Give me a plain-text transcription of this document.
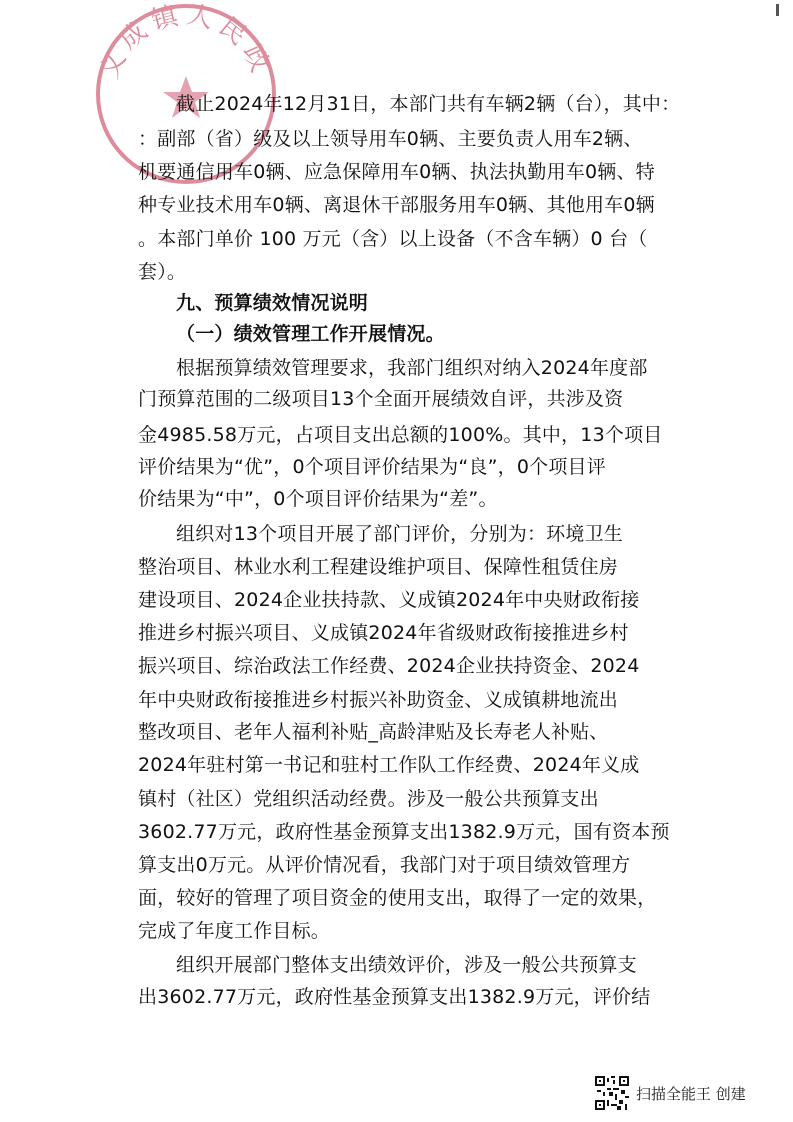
义成镇人民政
截止2024年12月31日，本部门共有车辆2辆（台），其中：
：副部（省）级及以上领导用车0辆、主要负责人用车2辆、
机要通信用车0辆、应急保障用车0辆、执法执勤用车0辆、特
种专业技术用车0辆、离退休干部服务用车0辆、其他用车0辆
。本部门单价 100 万元（含）以上设备（不含车辆）0 台（
套）。
九、预算绩效情况说明
（一）绩效管理工作开展情况。
根据预算绩效管理要求，我部门组织对纳入2024年度部
门预算范围的二级项目13个全面开展绩效自评，共涉及资
金4985.58万元，占项目支出总额的100%。其中，13个项目
评价结果为“优”，0个项目评价结果为“良”，0个项目评
价结果为“中”，0个项目评价结果为“差”。
组织对13个项目开展了部门评价，分别为：环境卫生
整治项目、林业水利工程建设维护项目、保障性租赁住房
建设项目、2024企业扶持款、义成镇2024年中央财政衔接
推进乡村振兴项目、义成镇2024年省级财政衔接推进乡村
振兴项目、综治政法工作经费、2024企业扶持资金、2024
年中央财政衔接推进乡村振兴补助资金、义成镇耕地流出
整改项目、老年人福利补贴_高龄津贴及长寿老人补贴、
2024年驻村第一书记和驻村工作队工作经费、2024年义成
镇村（社区）党组织活动经费。涉及一般公共预算支出
3602.77万元，政府性基金预算支出1382.9万元，国有资本预
算支出0万元。从评价情况看，我部门对于项目绩效管理方
面，较好的管理了项目资金的使用支出，取得了一定的效果，
完成了年度工作目标。
组织开展部门整体支出绩效评价，涉及一般公共预算支
出3602.77万元，政府性基金预算支出1382.9万元，评价结
扫描全能王 创建
